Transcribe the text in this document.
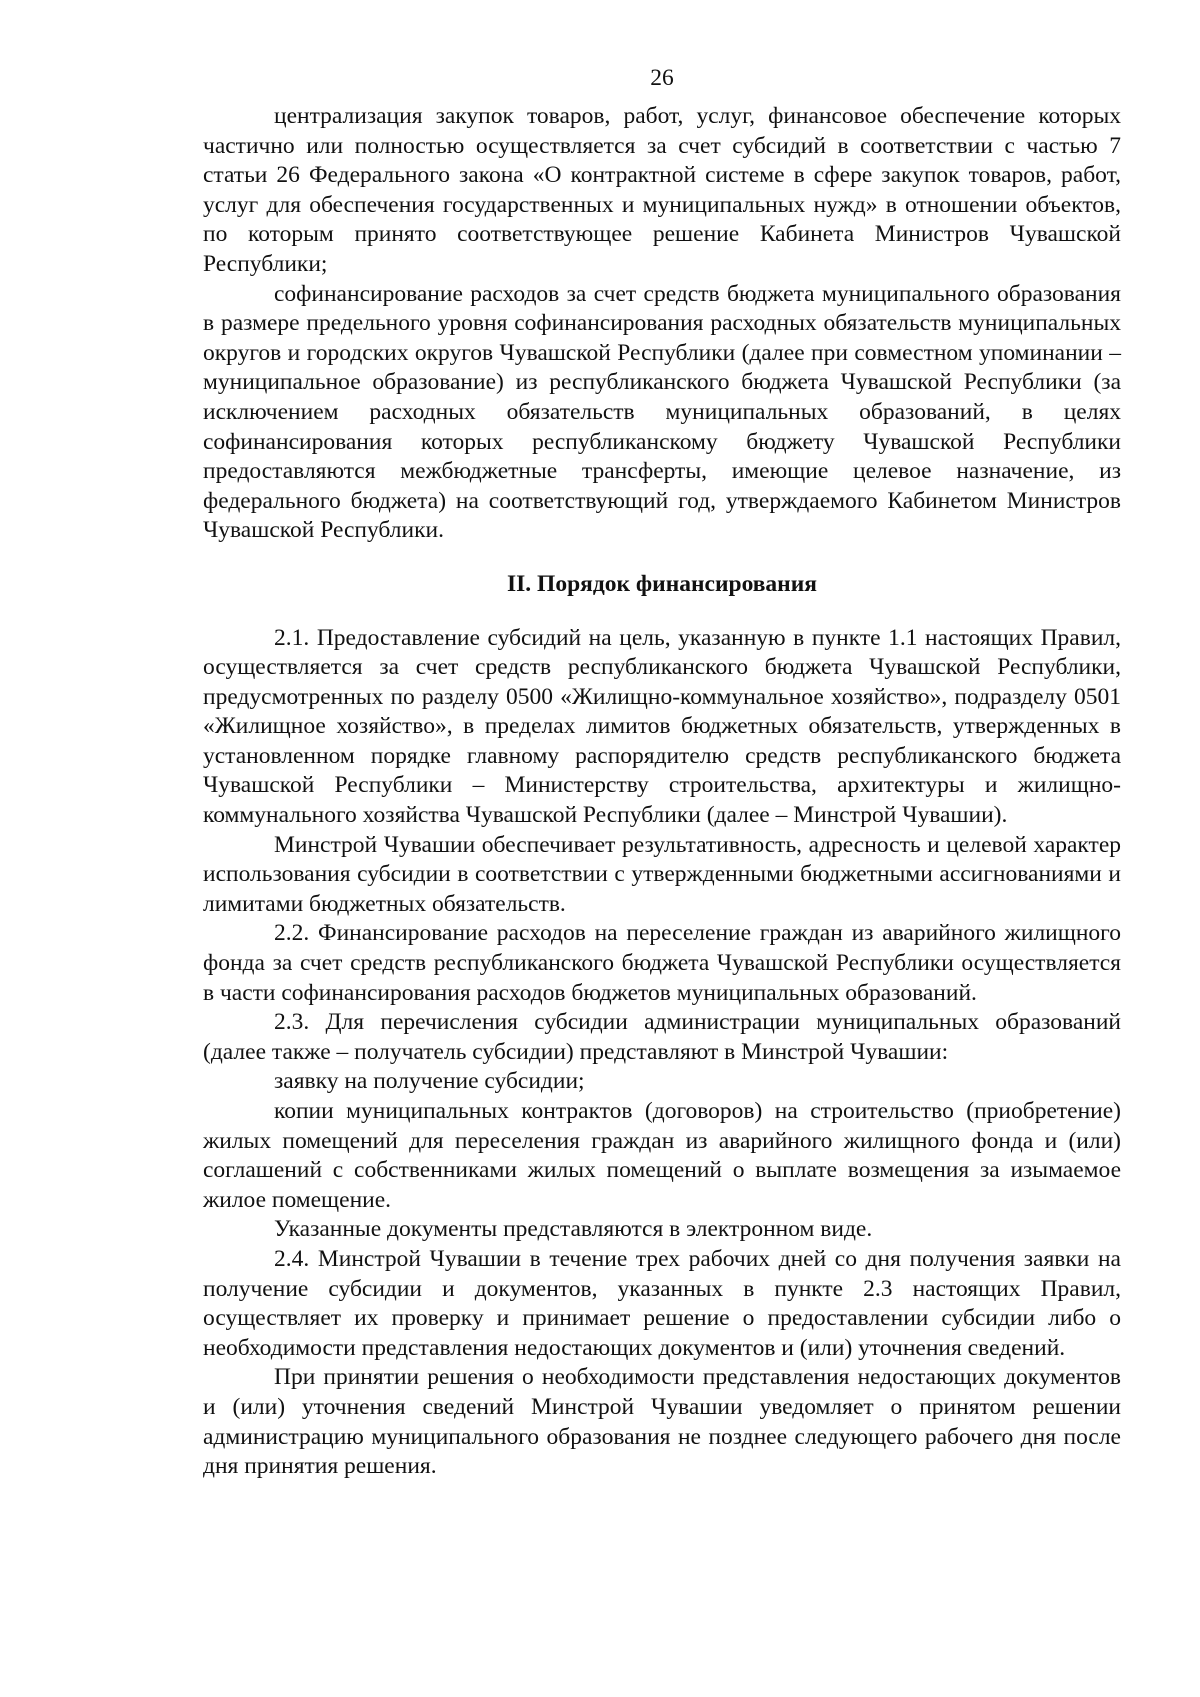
26

централизация закупок товаров, работ, услуг, финансовое обеспечение которых частично или полностью осуществляется за счет субсидий в соответствии с частью 7 статьи 26 Федерального закона «О контрактной системе в сфере закупок товаров, работ, услуг для обеспечения государственных и муниципальных нужд» в отношении объектов, по которым принято соответствующее решение Кабинета Министров Чувашской Республики;

софинансирование расходов за счет средств бюджета муниципального образования в размере предельного уровня софинансирования расходных обязательств муниципальных округов и городских округов Чувашской Республики (далее при совместном упоминании – муниципальное образование) из республиканского бюджета Чувашской Республики (за исключением расходных обязательств муниципальных образований, в целях софинансирования которых республиканскому бюджету Чувашской Республики предоставляются межбюджетные трансферты, имеющие целевое назначение, из федерального бюджета) на соответствующий год, утверждаемого Кабинетом Министров Чувашской Республики.

II. Порядок финансирования

2.1. Предоставление субсидий на цель, указанную в пункте 1.1 настоящих Правил, осуществляется за счет средств республиканского бюджета Чувашской Республики, предусмотренных по разделу 0500 «Жилищно-коммунальное хозяйство», подразделу 0501 «Жилищное хозяйство», в пределах лимитов бюджетных обязательств, утвержденных в установленном порядке главному распорядителю средств республиканского бюджета Чувашской Республики – Министерству строительства, архитектуры и жилищно-коммунального хозяйства Чувашской Республики (далее – Минстрой Чувашии).

Минстрой Чувашии обеспечивает результативность, адресность и целевой характер использования субсидии в соответствии с утвержденными бюджетными ассигнованиями и лимитами бюджетных обязательств.

2.2. Финансирование расходов на переселение граждан из аварийного жилищного фонда за счет средств республиканского бюджета Чувашской Республики осуществляется в части софинансирования расходов бюджетов муниципальных образований.

2.3. Для перечисления субсидии администрации муниципальных образований (далее также – получатель субсидии) представляют в Минстрой Чувашии:

заявку на получение субсидии;

копии муниципальных контрактов (договоров) на строительство (приобретение) жилых помещений для переселения граждан из аварийного жилищного фонда и (или) соглашений с собственниками жилых помещений о выплате возмещения за изымаемое жилое помещение.

Указанные документы представляются в электронном виде.

2.4. Минстрой Чувашии в течение трех рабочих дней со дня получения заявки на получение субсидии и документов, указанных в пункте 2.3 настоящих Правил, осуществляет их проверку и принимает решение о предоставлении субсидии либо о необходимости представления недостающих документов и (или) уточнения сведений.

При принятии решения о необходимости представления недостающих документов и (или) уточнения сведений Минстрой Чувашии уведомляет о принятом решении администрацию муниципального образования не позднее следующего рабочего дня после дня принятия решения.
